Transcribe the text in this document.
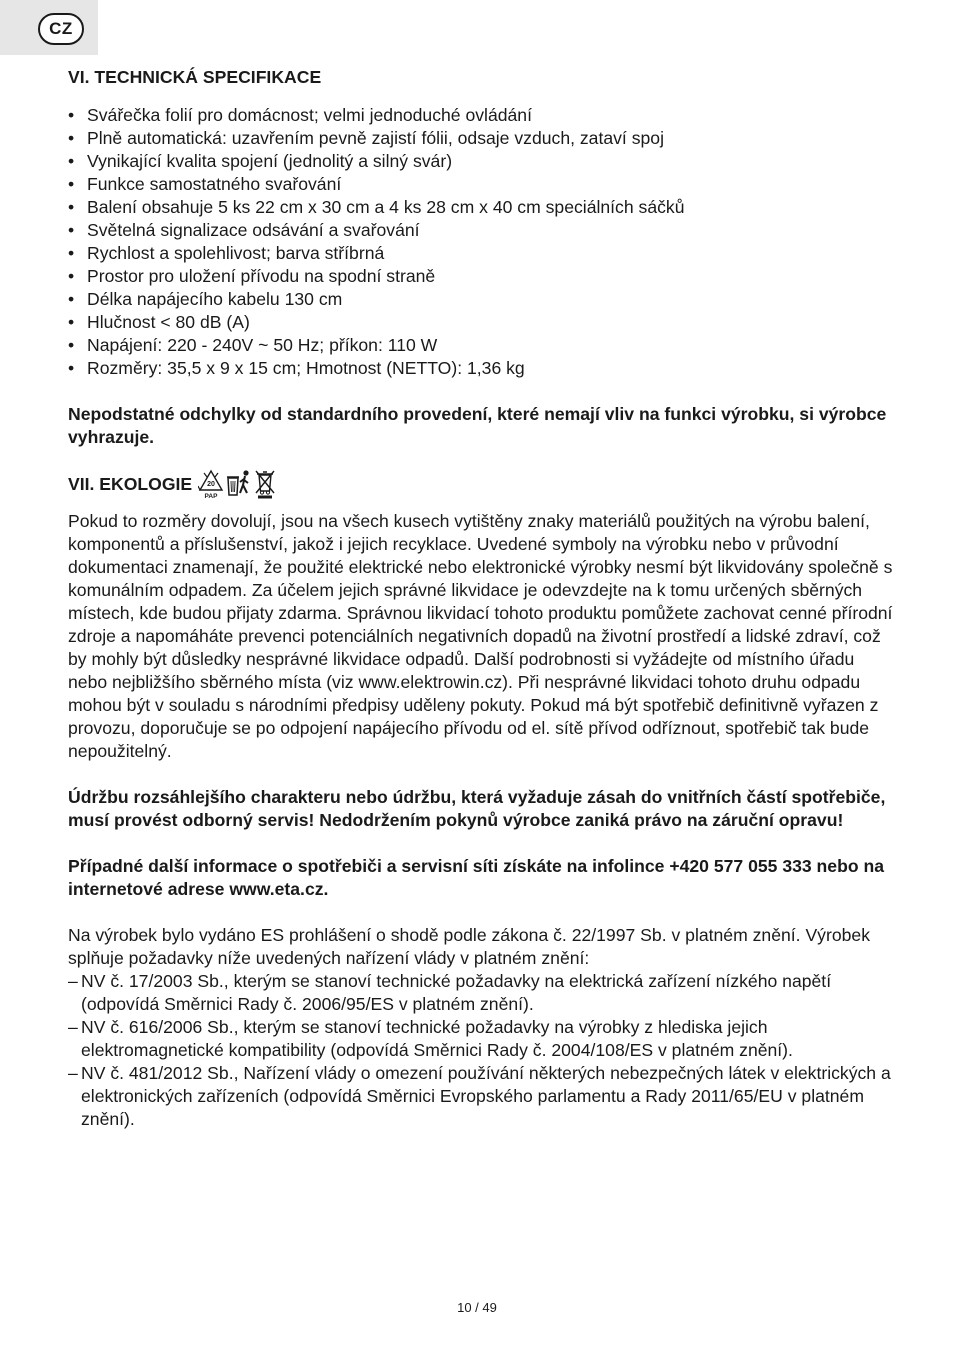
CZ
VI. TECHNICKÁ SPECIFIKACE
• Svářečka folií pro domácnost; velmi jednoduché ovládání
• Plně automatická: uzavřením pevně zajistí fólii, odsaje vzduch, zataví spoj
• Vynikající kvalita spojení (jednolitý a silný svár)
• Funkce samostatného svařování
• Balení obsahuje 5 ks 22 cm x 30 cm a 4 ks 28 cm x 40 cm speciálních sáčků
• Světelná signalizace odsávání a svařování
• Rychlost a spolehlivost; barva stříbrná
• Prostor pro uložení přívodu na spodní straně
• Délka napájecího kabelu 130 cm
• Hlučnost < 80 dB (A)
• Napájení: 220 - 240V ~ 50 Hz; příkon: 110 W
• Rozměry: 35,5 x 9 x 15 cm; Hmotnost (NETTO): 1,36 kg

Nepodstatné odchylky od standardního provedení, které nemají vliv na funkci výrobku, si výrobce vyhrazuje.

VII. EKOLOGIE 20
PAP

Pokud to rozměry dovolují, jsou na všech kusech vytištěny znaky materiálů použitých na výrobu balení, komponentů a příslušenství, jakož i jejich recyklace. Uvedené symboly na výrobku nebo v průvodní dokumentaci znamenají, že použité elektrické nebo elektronické výrobky nesmí být likvidovány společně s komunálním odpadem. Za účelem jejich správné likvidace je odevzdejte na k tomu určených sběrných místech, kde budou přijaty zdarma. Správnou likvidací tohoto produktu pomůžete zachovat cenné přírodní zdroje a napomáháte prevenci potenciálních negativních dopadů na životní prostředí a lidské zdraví, což by mohly být důsledky nesprávné likvidace odpadů. Další podrobnosti si vyžádejte od místního úřadu nebo nejbližšího sběrného místa (viz www.elektrowin.cz). Při nesprávné likvidaci tohoto druhu odpadu mohou být v souladu s národními předpisy uděleny pokuty. Pokud má být spotřebič definitivně vyřazen z provozu, doporučuje se po odpojení napájecího přívodu od el. sítě přívod odříznout, spotřebič tak bude nepoužitelný.

Údržbu rozsáhlejšího charakteru nebo údržbu, která vyžaduje zásah do vnitřních částí spotřebiče, musí provést odborný servis! Nedodržením pokynů výrobce zaniká právo na záruční opravu!

Případné další informace o spotřebiči a servisní síti získáte na infolince +420 577 055 333 nebo na internetové adrese www.eta.cz.

Na výrobek bylo vydáno ES prohlášení o shodě podle zákona č. 22/1997 Sb. v platném znění. Výrobek splňuje požadavky níže uvedených nařízení vlády v platném znění:

– NV č. 17/2003 Sb., kterým se stanoví technické požadavky na elektrická zařízení nízkého napětí (odpovídá Směrnici Rady č. 2006/95/ES v platném znění).
– NV č. 616/2006 Sb., kterým se stanoví technické požadavky na výrobky z hlediska jejich elektromagnetické kompatibility (odpovídá Směrnici Rady č. 2004/108/ES v platném znění).
– NV č. 481/2012 Sb., Nařízení vlády o omezení používání některých nebezpečných látek v elektrických a elektronických zařízeních (odpovídá Směrnici Evropského parlamentu a Rady 2011/65/EU v platném znění).
10 / 49
